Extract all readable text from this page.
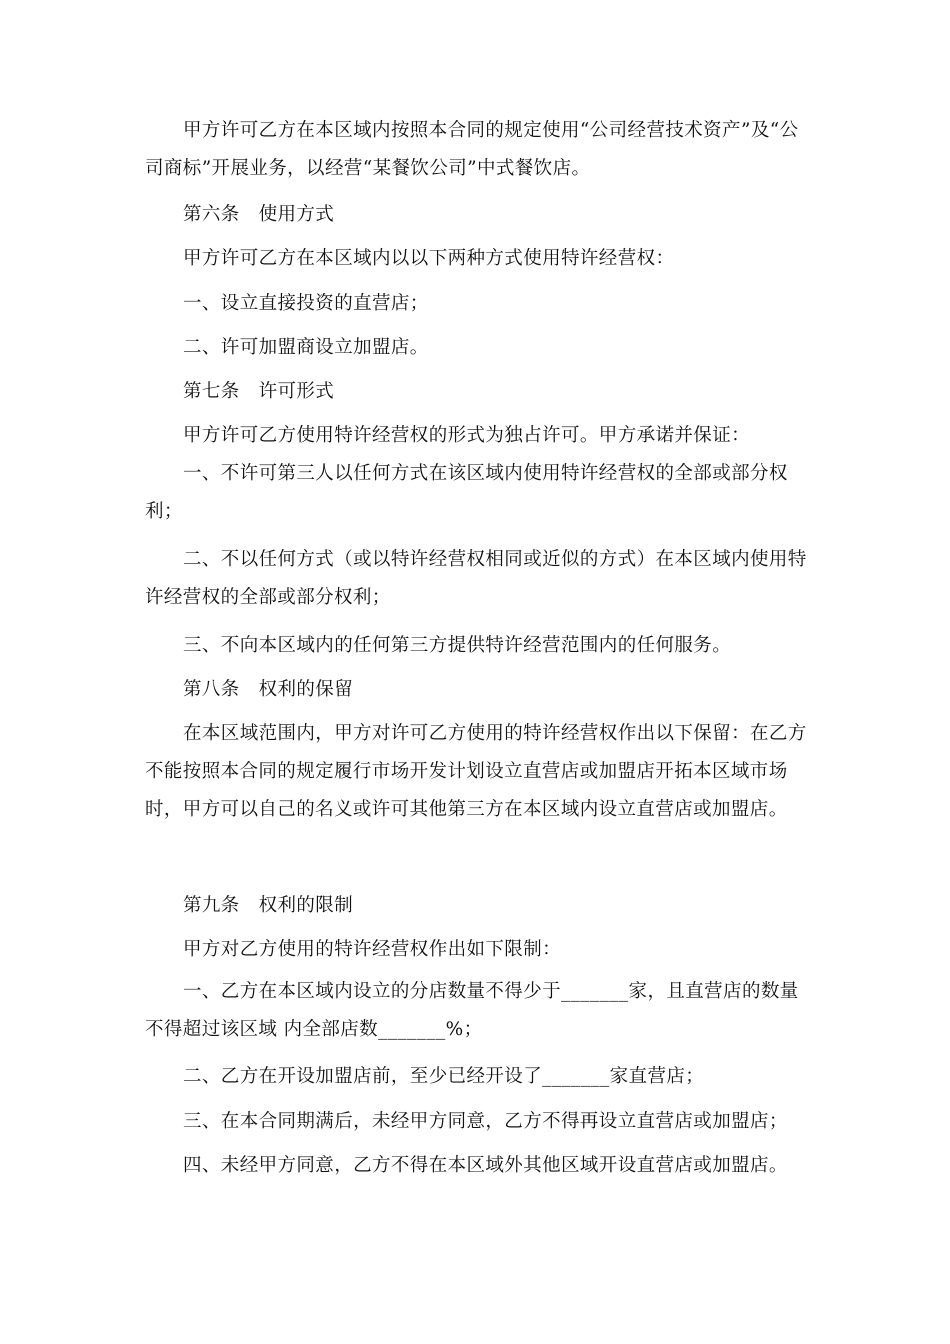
甲方许可乙方在本区域内按照本合同的规定使用“公司经营技术资产”及“公司商标”开展业务，以经营“某餐饮公司”中式餐饮店。

第六条　使用方式

甲方许可乙方在本区域内以以下两种方式使用特许经营权：

一、设立直接投资的直营店；

二、许可加盟商设立加盟店。

第七条　许可形式

甲方许可乙方使用特许经营权的形式为独占许可。甲方承诺并保证：

一、不许可第三人以任何方式在该区域内使用特许经营权的全部或部分权利；

二、不以任何方式（或以特许经营权相同或近似的方式）在本区域内使用特许经营权的全部或部分权利；

三、不向本区域内的任何第三方提供特许经营范围内的任何服务。

第八条　权利的保留

在本区域范围内，甲方对许可乙方使用的特许经营权作出以下保留：在乙方不能按照本合同的规定履行市场开发计划设立直营店或加盟店开拓本区域市场时，甲方可以自己的名义或许可其他第三方在本区域内设立直营店或加盟店。

第九条　权利的限制

甲方对乙方使用的特许经营权作出如下限制：

一、乙方在本区域内设立的分店数量不得少于_______家，且直营店的数量不得超过该区域 内全部店数_______%；

二、乙方在开设加盟店前，至少已经开设了_______家直营店；

三、在本合同期满后，未经甲方同意，乙方不得再设立直营店或加盟店；

四、未经甲方同意，乙方不得在本区域外其他区域开设直营店或加盟店。
